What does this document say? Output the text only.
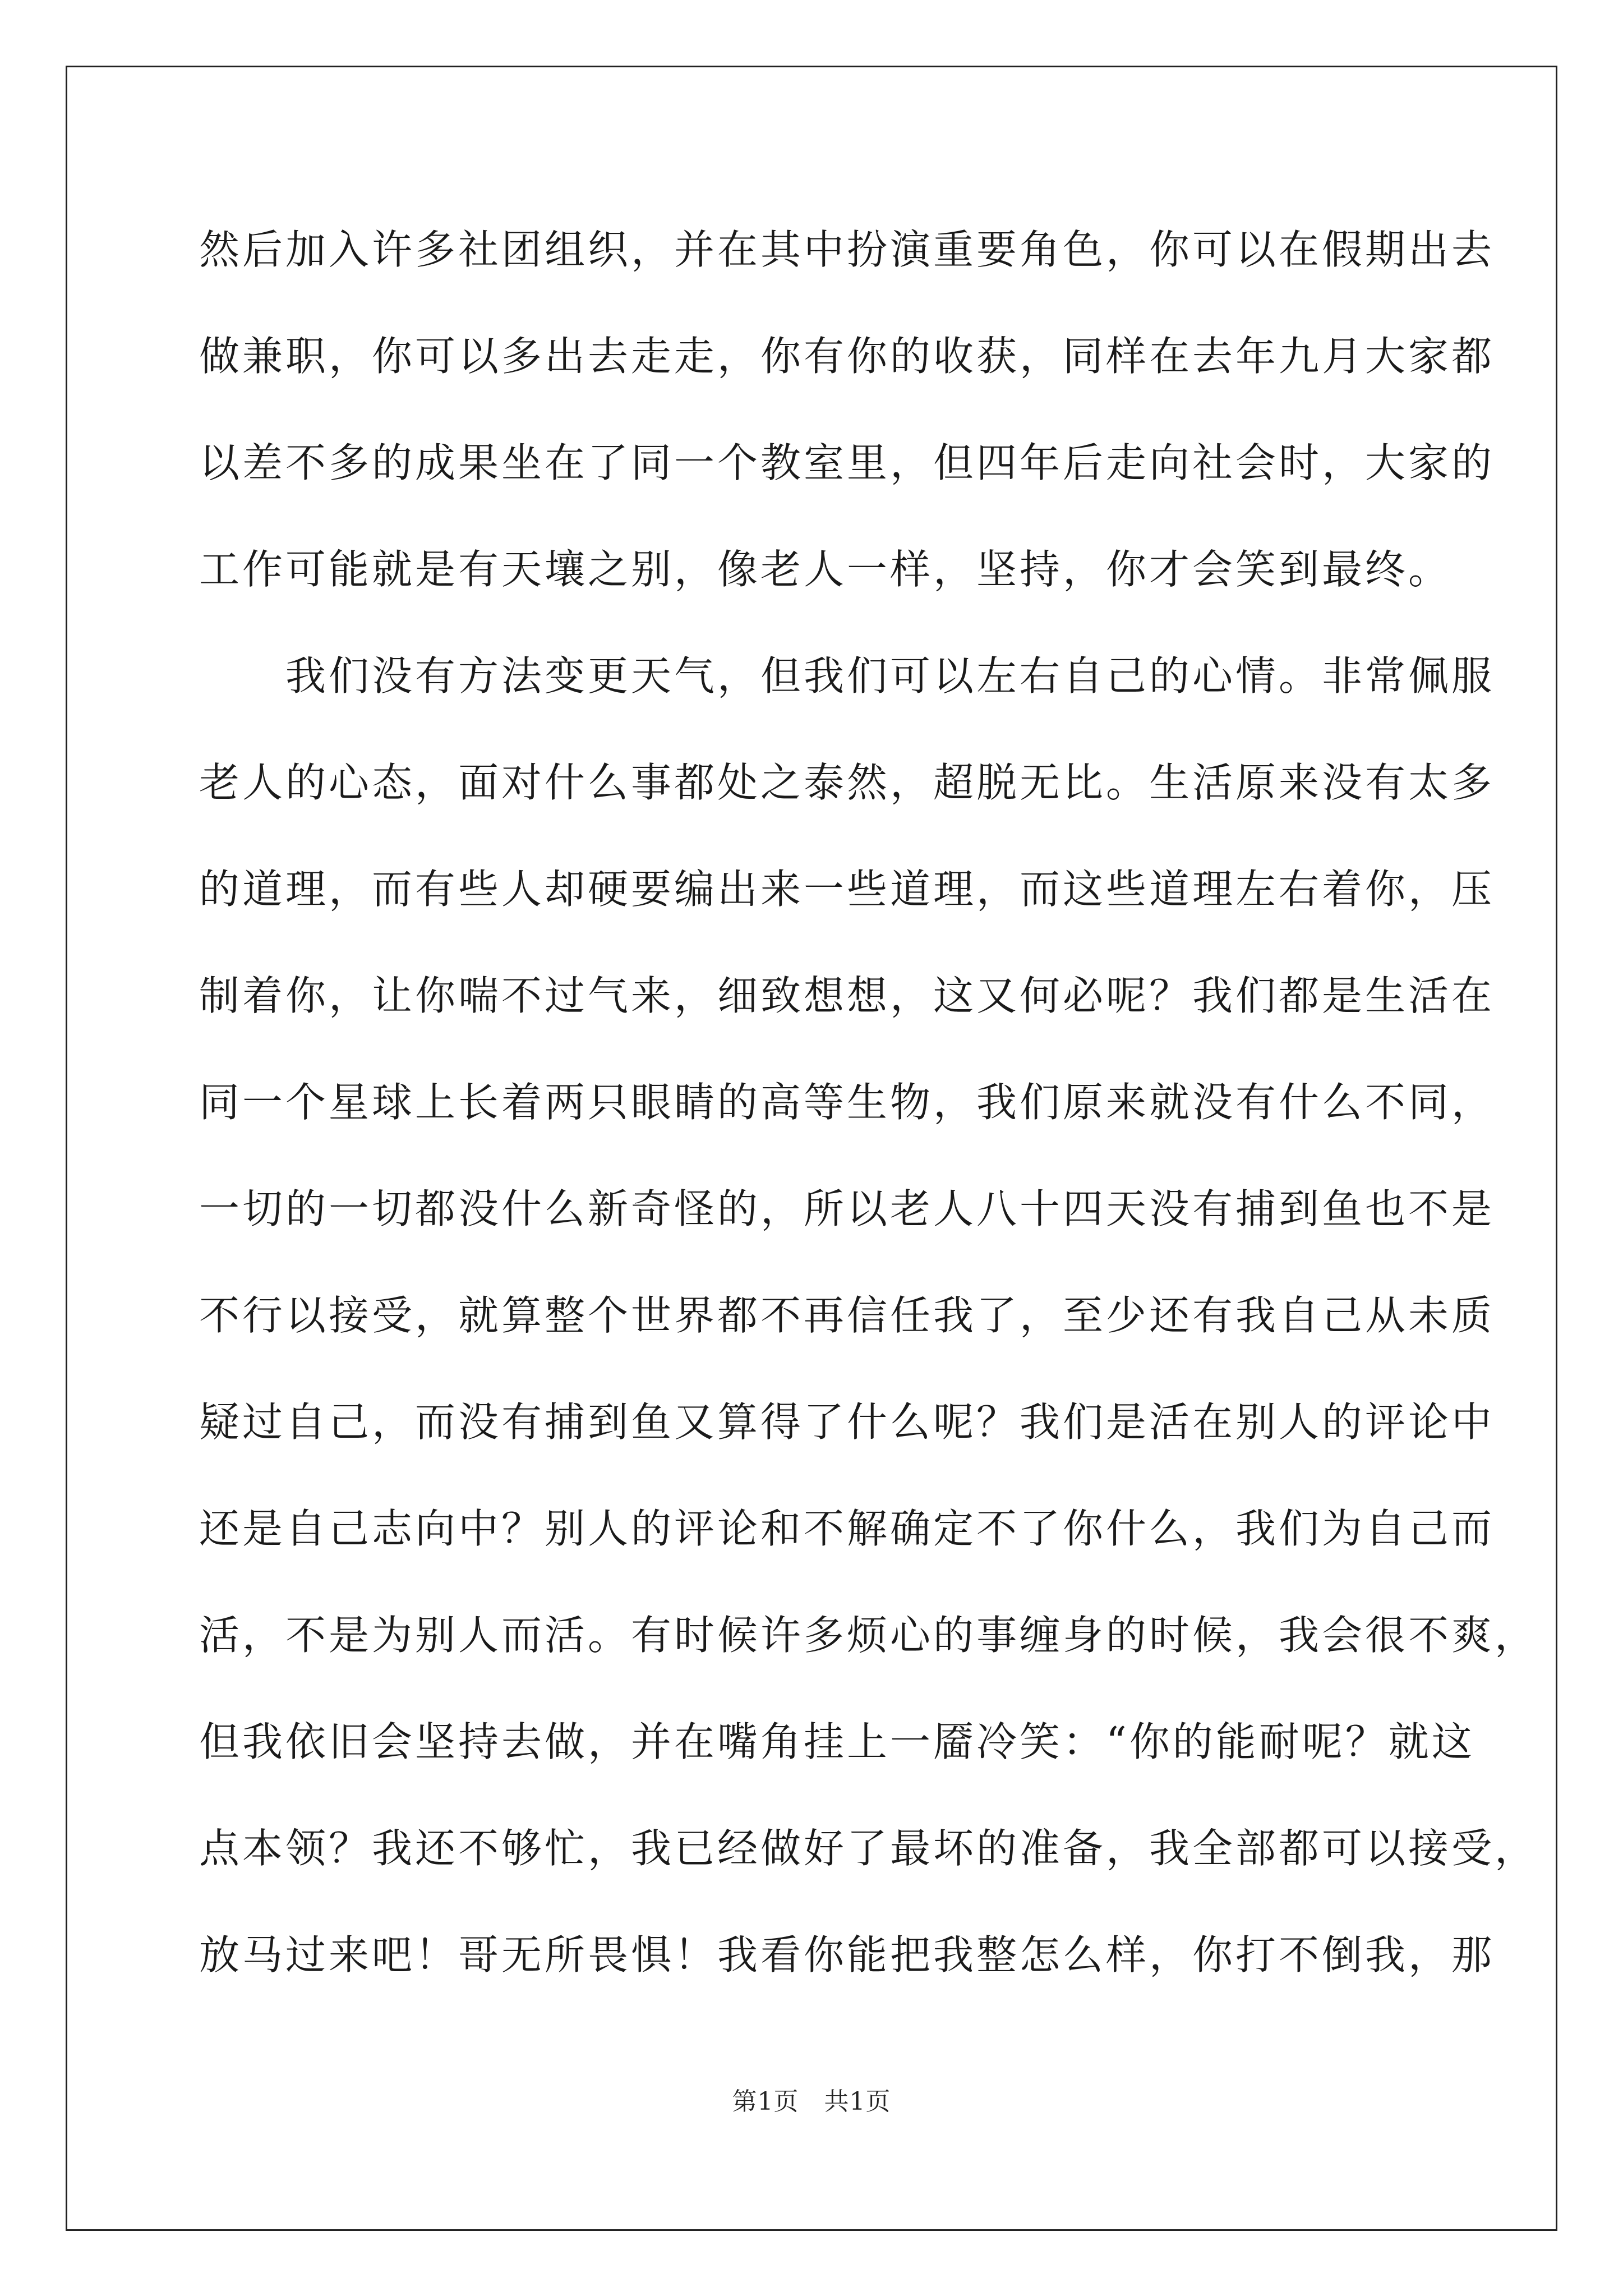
然后加入许多社团组织，并在其中扮演重要角色，你可以在假期出去
做兼职，你可以多出去走走，你有你的收获，同样在去年九月大家都
以差不多的成果坐在了同一个教室里，但四年后走向社会时，大家的
工作可能就是有天壤之别，像老人一样，坚持，你才会笑到最终。
　　我们没有方法变更天气，但我们可以左右自己的心情。非常佩服
老人的心态，面对什么事都处之泰然，超脱无比。生活原来没有太多
的道理，而有些人却硬要编出来一些道理，而这些道理左右着你，压
制着你，让你喘不过气来，细致想想，这又何必呢？我们都是生活在
同一个星球上长着两只眼睛的高等生物，我们原来就没有什么不同，
一切的一切都没什么新奇怪的，所以老人八十四天没有捕到鱼也不是
不行以接受，就算整个世界都不再信任我了，至少还有我自己从未质
疑过自己，而没有捕到鱼又算得了什么呢？我们是活在别人的评论中
还是自己志向中？别人的评论和不解确定不了你什么，我们为自己而
活，不是为别人而活。有时候许多烦心的事缠身的时候，我会很不爽，
但我依旧会坚持去做，并在嘴角挂上一靥冷笑：“你的能耐呢？就这
点本领？我还不够忙，我已经做好了最坏的准备，我全部都可以接受，
放马过来吧！哥无所畏惧！我看你能把我整怎么样，你打不倒我，那
第1页　共1页
